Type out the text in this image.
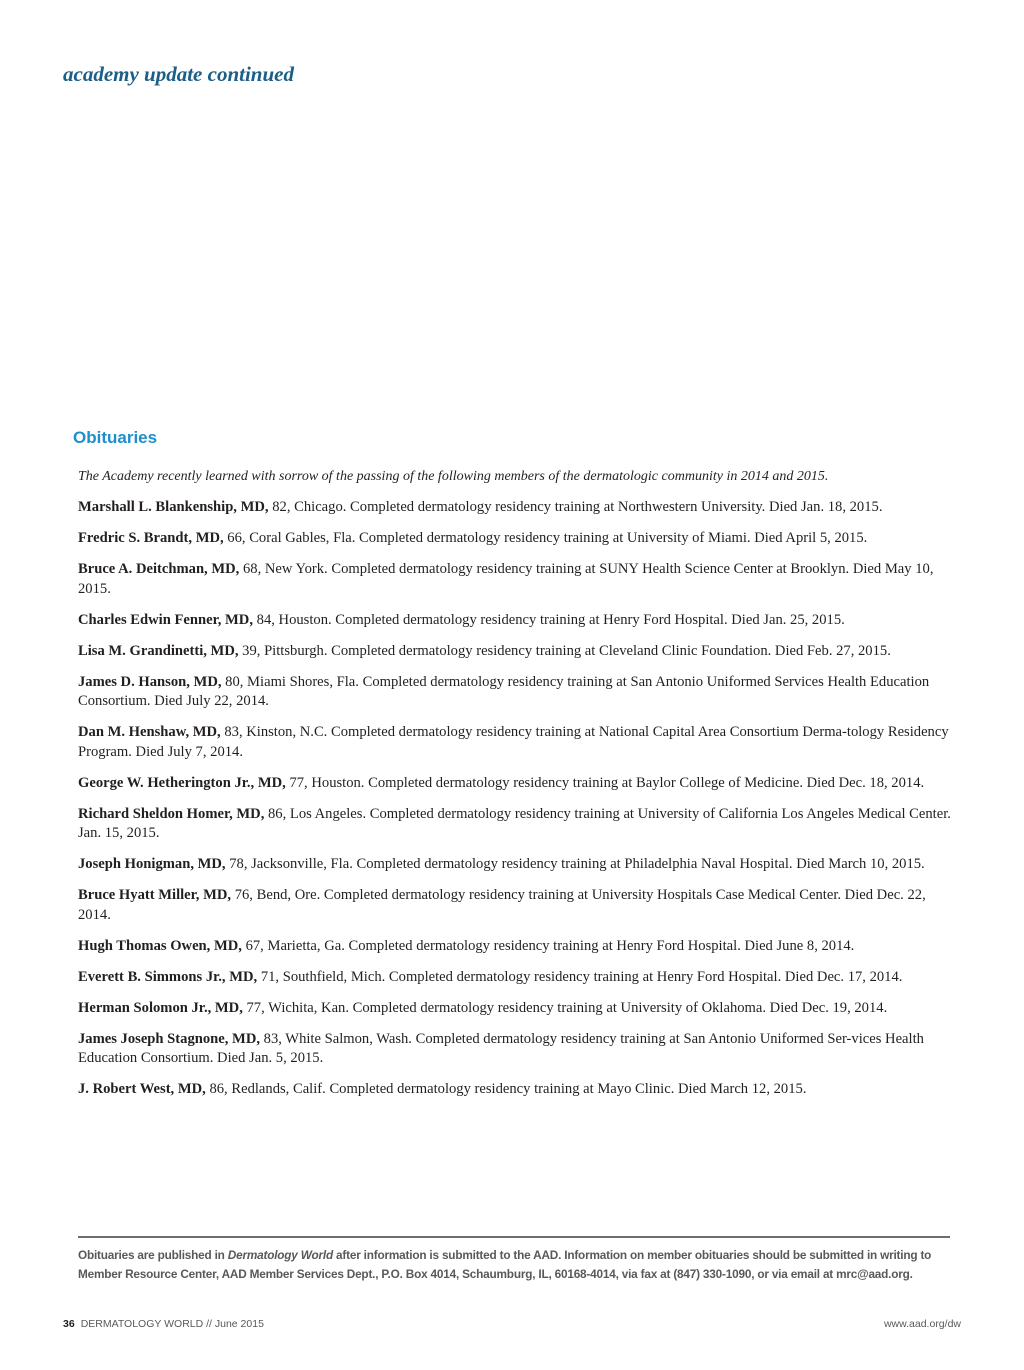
academy update continued
Obituaries

The Academy recently learned with sorrow of the passing of the following members of the dermatologic community in 2014 and 2015.

Marshall L. Blankenship, MD, 82, Chicago. Completed dermatology residency training at Northwestern University. Died Jan. 18, 2015.
Fredric S. Brandt, MD, 66, Coral Gables, Fla. Completed dermatology residency training at University of Miami. Died April 5, 2015.
Bruce A. Deitchman, MD, 68, New York. Completed dermatology residency training at SUNY Health Science Center at Brooklyn. Died May 10, 2015.
Charles Edwin Fenner, MD, 84, Houston. Completed dermatology residency training at Henry Ford Hospital. Died Jan. 25, 2015.
Lisa M. Grandinetti, MD, 39, Pittsburgh. Completed dermatology residency training at Cleveland Clinic Foundation. Died Feb. 27, 2015.
James D. Hanson, MD, 80, Miami Shores, Fla. Completed dermatology residency training at San Antonio Uniformed Services Health Education Consortium. Died July 22, 2014.
Dan M. Henshaw, MD, 83, Kinston, N.C. Completed dermatology residency training at National Capital Area Consortium Derma-tology Residency Program. Died July 7, 2014.
George W. Hetherington Jr., MD, 77, Houston. Completed dermatology residency training at Baylor College of Medicine. Died Dec. 18, 2014.
Richard Sheldon Homer, MD, 86, Los Angeles. Completed dermatology residency training at University of California Los Angeles Medical Center. Jan. 15, 2015.
Joseph Honigman, MD, 78, Jacksonville, Fla. Completed dermatology residency training at Philadelphia Naval Hospital. Died March 10, 2015.
Bruce Hyatt Miller, MD, 76, Bend, Ore. Completed dermatology residency training at University Hospitals Case Medical Center. Died Dec. 22, 2014.
Hugh Thomas Owen, MD, 67, Marietta, Ga. Completed dermatology residency training at Henry Ford Hospital. Died June 8, 2014.
Everett B. Simmons Jr., MD, 71, Southfield, Mich. Completed dermatology residency training at Henry Ford Hospital. Died Dec. 17, 2014.
Herman Solomon Jr., MD, 77, Wichita, Kan. Completed dermatology residency training at University of Oklahoma. Died Dec. 19, 2014.
James Joseph Stagnone, MD, 83, White Salmon, Wash. Completed dermatology residency training at San Antonio Uniformed Ser-vices Health Education Consortium. Died Jan. 5, 2015.
J. Robert West, MD, 86, Redlands, Calif. Completed dermatology residency training at Mayo Clinic. Died March 12, 2015.

Obituaries are published in Dermatology World after information is submitted to the AAD. Information on member obituaries should be submitted in writing to Member Resource Center, AAD Member Services Dept., P.O. Box 4014, Schaumburg, IL, 60168-4014, via fax at (847) 330-1090, or via email at mrc@aad.org.

36 DERMATOLOGY WORLD // June 2015	www.aad.org/dw
